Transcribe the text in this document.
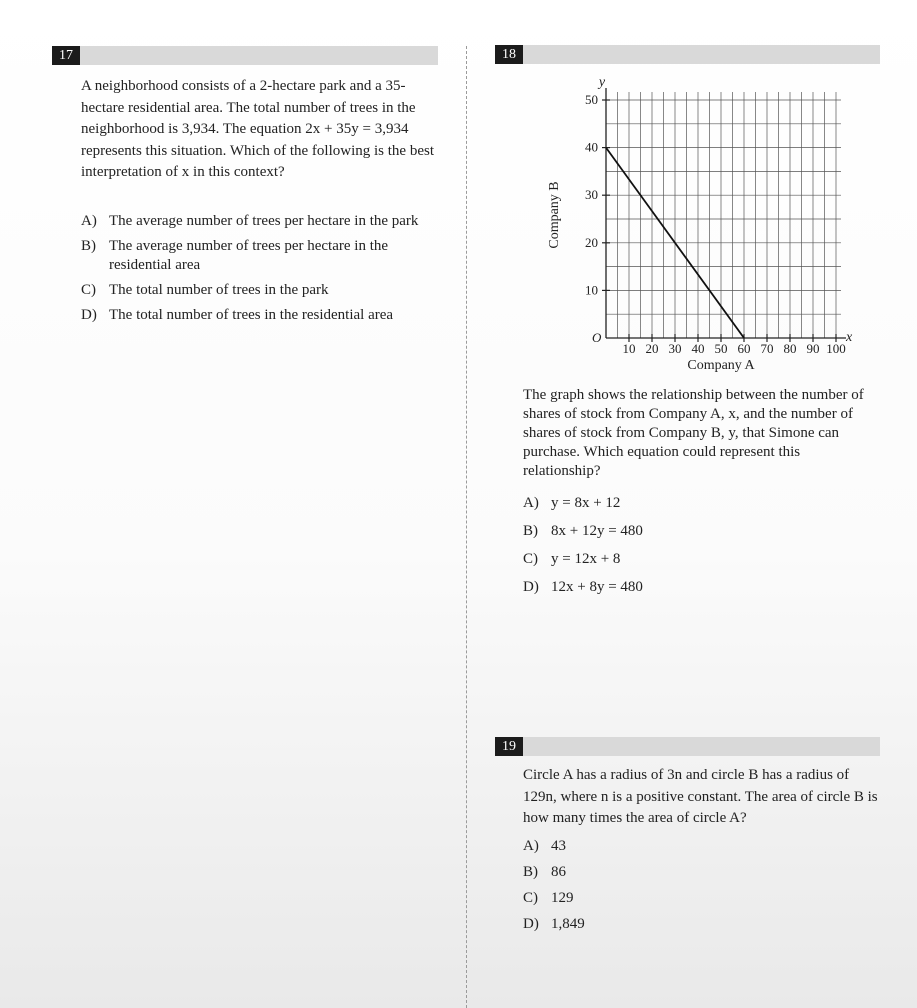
17
A neighborhood consists of a 2-hectare park and a 35-hectare residential area. The total number of trees in the neighborhood is 3,934. The equation 2x + 35y = 3,934 represents this situation. Which of the following is the best interpretation of x in this context?
A) The average number of trees per hectare in the park
B) The average number of trees per hectare in the residential area
C) The total number of trees in the park
D) The total number of trees in the residential area
18
10 20 30 40 50 60 70 80 90 100
10
20
30
40
50
O	x
y
Company A
Company B
The graph shows the relationship between the number of shares of stock from Company A, x, and the number of shares of stock from Company B, y, that Simone can purchase. Which equation could represent this relationship?
A) y = 8x + 12
B) 8x + 12y = 480
C) y = 12x + 8
D) 12x + 8y = 480
19
Circle A has a radius of 3n and circle B has a radius of 129n, where n is a positive constant. The area of circle B is how many times the area of circle A?
A) 43
B) 86
C) 129
D) 1,849
